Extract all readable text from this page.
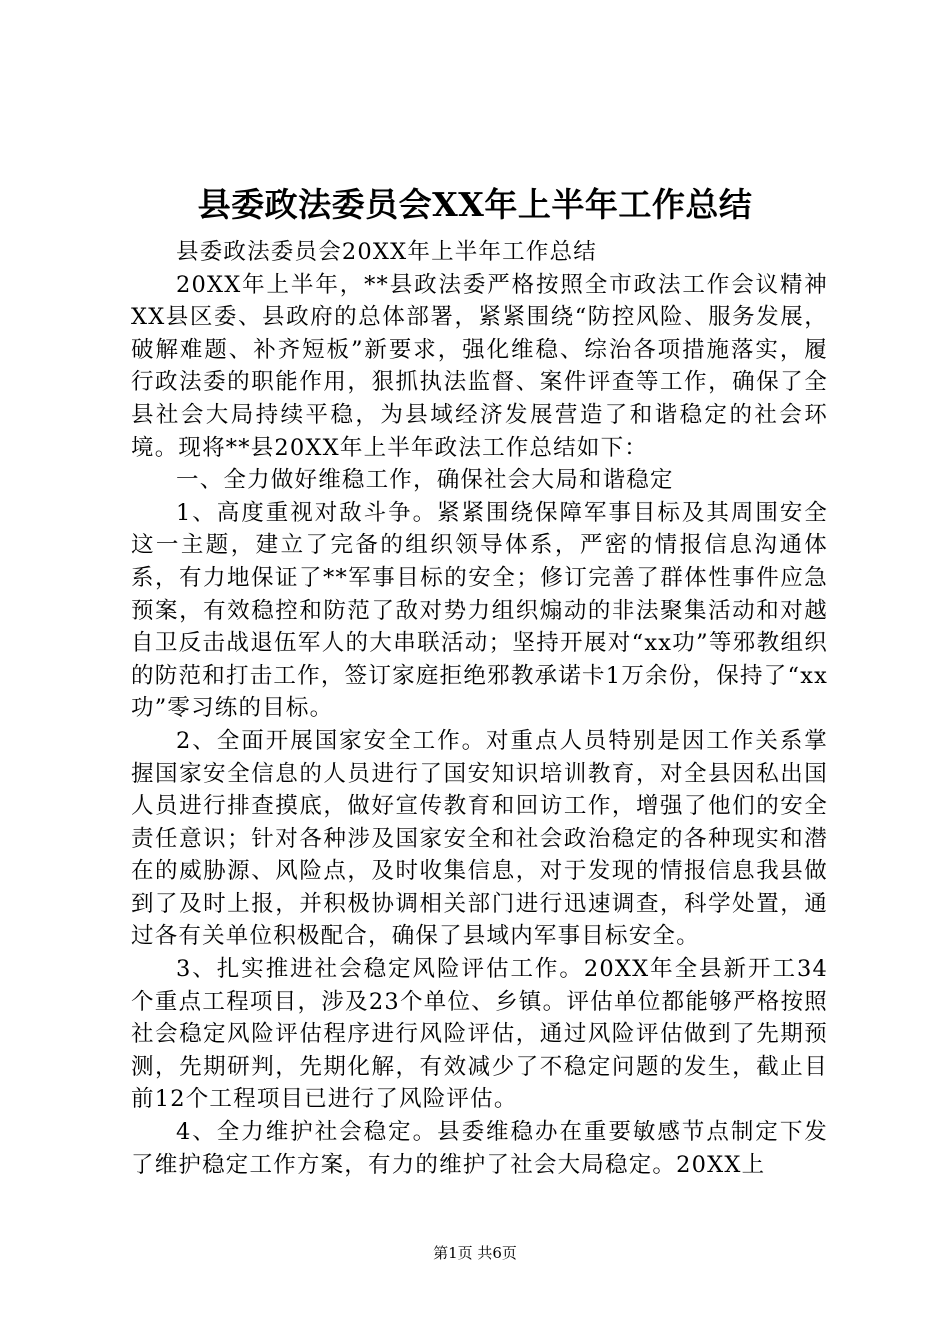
县委政法委员会XX年上半年工作总结

县委政法委员会20XX年上半年工作总结

20XX年上半年，**县政法委严格按照全市政法工作会议精神XX县区委、县政府的总体部署，紧紧围绕“防控风险、服务发展，破解难题、补齐短板”新要求，强化维稳、综治各项措施落实，履行政法委的职能作用，狠抓执法监督、案件评查等工作，确保了全县社会大局持续平稳，为县域经济发展营造了和谐稳定的社会环境。现将**县20XX年上半年政法工作总结如下：

一、全力做好维稳工作，确保社会大局和谐稳定

1、高度重视对敌斗争。紧紧围绕保障军事目标及其周围安全这一主题，建立了完备的组织领导体系，严密的情报信息沟通体系，有力地保证了**军事目标的安全；修订完善了群体性事件应急预案，有效稳控和防范了敌对势力组织煽动的非法聚集活动和对越自卫反击战退伍军人的大串联活动；坚持开展对“xx功”等邪教组织的防范和打击工作，签订家庭拒绝邪教承诺卡1万余份，保持了“xx功”零习练的目标。

2、全面开展国家安全工作。对重点人员特别是因工作关系掌握国家安全信息的人员进行了国安知识培训教育，对全县因私出国人员进行排查摸底，做好宣传教育和回访工作，增强了他们的安全责任意识；针对各种涉及国家安全和社会政治稳定的各种现实和潜在的威胁源、风险点，及时收集信息，对于发现的情报信息我县做到了及时上报，并积极协调相关部门进行迅速调查，科学处置，通过各有关单位积极配合，确保了县域内军事目标安全。

3、扎实推进社会稳定风险评估工作。20XX年全县新开工34个重点工程项目，涉及23个单位、乡镇。评估单位都能够严格按照社会稳定风险评估程序进行风险评估，通过风险评估做到了先期预测，先期研判，先期化解，有效减少了不稳定问题的发生，截止目前12个工程项目已进行了风险评估。

4、全力维护社会稳定。县委维稳办在重要敏感节点制定下发了维护稳定工作方案，有力的维护了社会大局稳定。20XX上

第1页 共6页
